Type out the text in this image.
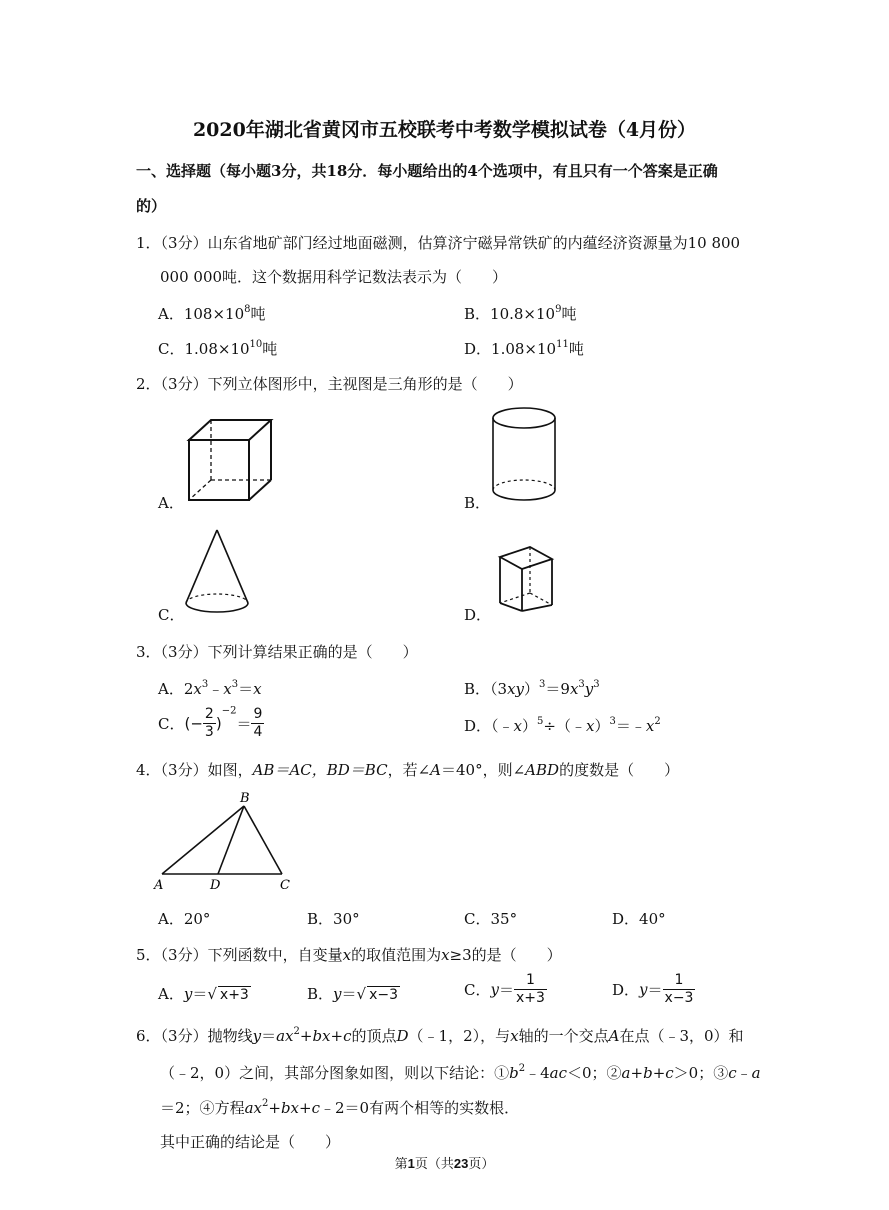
2020年湖北省黄冈市五校联考中考数学模拟试卷（4月份）
一、选择题（每小题3分，共18分．每小题给出的4个选项中，有且只有一个答案是正确
的）
1．（3分）山东省地矿部门经过地面磁测，估算济宁磁异常铁矿的内蕴经济资源量为10 800
000 000吨．这个数据用科学记数法表示为（　　）
A．$108\times 10^8$吨	B．$10.8\times 10^9$吨
C．$1.08\times 10^{10}$吨	D．$1.08\times 10^{11}$吨
2．（3分）下列立体图形中，主视图是三角形的是（　　）
A．	B．
C．	D．
3．（3分）下列计算结果正确的是（　　）
A．$2x^3﹣x^3=x$	B．$(3xy)^3=9x^3y^3$
C．(− $\frac{2}{3} )^{-2}= \frac{9}{4}$	D．$(﹣x)^5\div(﹣x)^3=﹣x^2$
4．（3分）如图，AB＝AC，BD＝BC，若∠A＝40°，则∠ABD的度数是（　　）
B
A	D	C
A．20°	B．30°	C．35°	D．40°
5．（3分）下列函数中，自变量x的取值范围为x≥3的是（　　）
A．y＝√ x+3	B．y＝√ x−3	C．$y= \frac{1}{x+3}$	D．$y= \frac{1}{x-3}$
6．（3分）抛物线$y=ax^2+bx+c$的顶点D（﹣1，2），与x轴的一个交点A在点（﹣3，0）和
（﹣2，0）之间，其部分图象如图，则以下结论：$①b^2﹣4ac<0$；②a+b+c＞0；③c﹣a
＝2；④方程$ax^2+bx+c﹣2=0$有两个相等的实数根．
其中正确的结论是（　　）
第1页（共23页）
